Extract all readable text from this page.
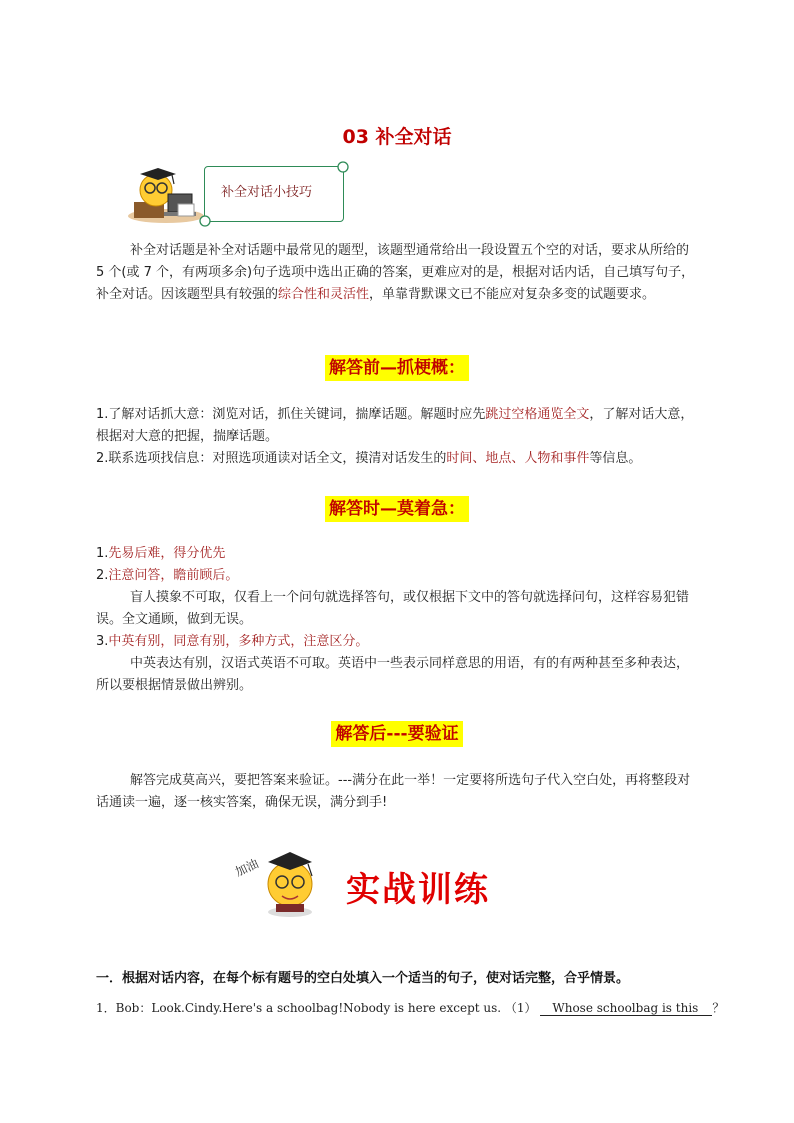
03 补全对话
补全对话小技巧
补全对话题是补全对话题中最常见的题型，该题型通常给出一段设置五个空的对话，要求从所给的 5 个(或 7 个，有两项多余)句子选项中选出正确的答案，更难应对的是，根据对话内话，自己填写句子，补全对话。因该题型具有较强的综合性和灵活性，单靠背默课文已不能应对复杂多变的试题要求。
解答前—抓梗概：
1.了解对话抓大意：浏览对话，抓住关键词，揣摩话题。解题时应先跳过空格通览全文，了解对话大意，根据对大意的把握，揣摩话题。
2.联系选项找信息：对照选项通读对话全文，摸清对话发生的时间、地点、人物和事件等信息。
解答时—莫着急：
1.先易后难，得分优先
2.注意问答，瞻前顾后。
盲人摸象不可取，仅看上一个问句就选择答句，或仅根据下文中的答句就选择问句，这样容易犯错误。全文通顾，做到无误。
3.中英有别，同意有别，多种方式，注意区分。
中英表达有别，汉语式英语不可取。英语中一些表示同样意思的用语，有的有两种甚至多种表达，所以要根据情景做出辨别。
解答后---要验证
解答完成莫高兴，要把答案来验证。---满分在此一举！一定要将所选句子代入空白处，再将整段对话通读一遍，逐一核实答案，确保无误，满分到手!
加油
实战训练
一．根据对话内容，在每个标有题号的空白处填入一个适当的句子，使对话完整，合乎情景。
1．Bob：Look.Cindy.Here's a schoolbag!Nobody is here except us. （1） Whose schoolbag is this ？
